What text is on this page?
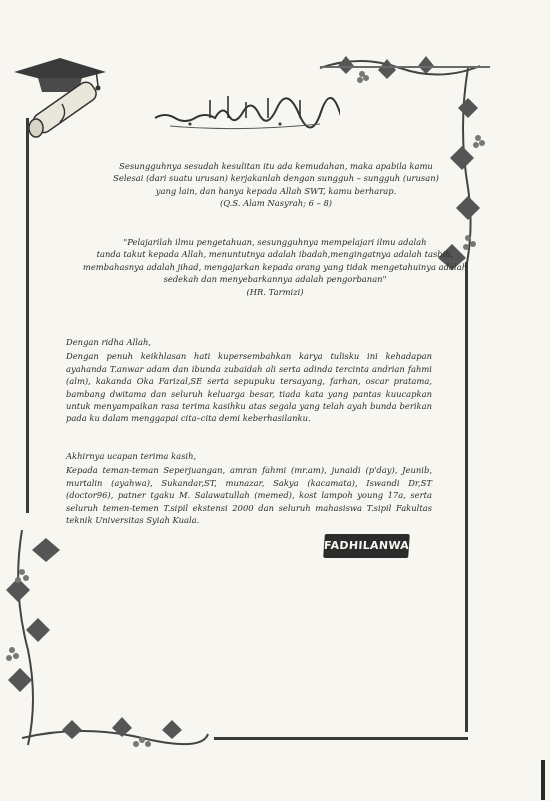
Sesungguhnya sesudah kesulitan itu ada kemudahan, maka apabila kamu
Selesai (dari suatu urusan) kerjakanlah dengan sungguh – sungguh (urusan)
yang lain, dan hanya kepada Allah SWT, kamu berharap.
(Q.S. Alam Nasyrah; 6 – 8)
"Pelajarilah ilmu pengetahuan, sesungguhnya mempelajari ilmu adalah
tanda takut kepada Allah, menuntutnya adalah ibadah,mengingatnya adalah tasbih,
membahasnya adalah jihad, mengajarkan kepada orang yang tidak mengetahuinya adalah
sedekah dan menyebarkannya adalah pengorbanan"
(HR. Tarmizi)
Dengan ridha Allah,
Dengan penuh keikhlasan hati kupersembahkan karya tulisku ini kehadapan ayahanda T.anwar adam dan ibunda zubaidah ali serta adinda tercinta andrian fahmi (alm), kakanda Oka Farizal,SE serta sepupuku tersayang, farhan, oscar pratama, bambang dwitama dan seluruh keluarga besar, tiada kata yang pantas kuucapkan untuk menyampaikan rasa terima kasihku atas segala yang telah ayah bunda berikan pada ku dalam menggapai cita–cita demi keberhasilanku.
Akhirnya ucapan terima kasih,
Kepada teman-teman Seperjuangan, amran fahmi (mr.am), junaidi (p'day), Jeunib, murtalin (ayahwa), Sukandar,ST, munazar, Sakya (kacamata), Iswandi Dr,ST (doctor96), patner tgaku M. Salawatullah (memed), kost lampoh young 17a, serta seluruh temen-temen T.sipil ekstensi 2000 dan seluruh mahasiswa T.sipil Fakultas teknik Universitas Syiah Kuala.
FADHILANWAR
